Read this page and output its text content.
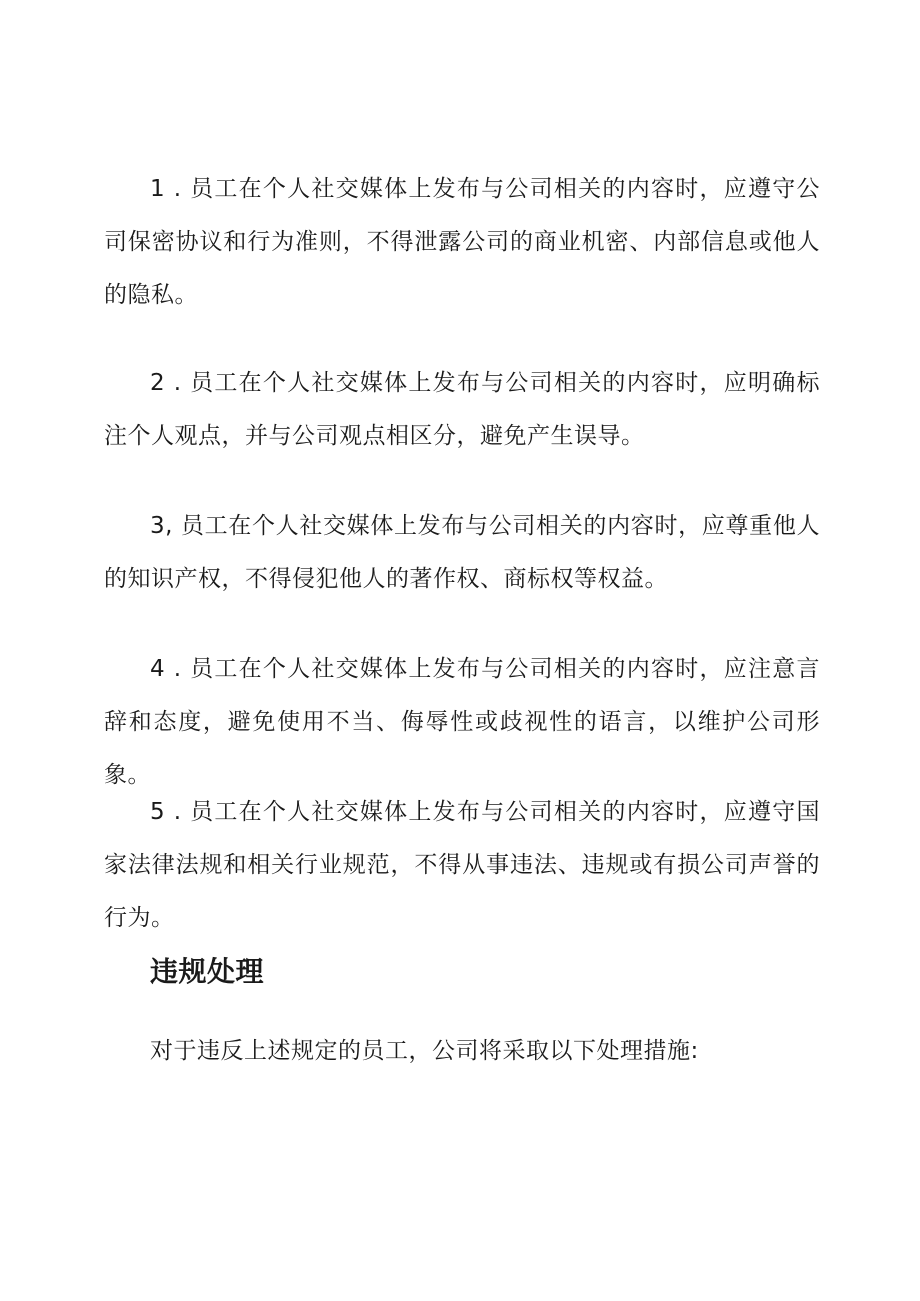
1 . 员工在个人社交媒体上发布与公司相关的内容时，应遵守公司保密协议和行为准则，不得泄露公司的商业机密、内部信息或他人的隐私。

2 . 员工在个人社交媒体上发布与公司相关的内容时，应明确标注个人观点，并与公司观点相区分，避免产生误导。

3, 员工在个人社交媒体上发布与公司相关的内容时，应尊重他人的知识产权，不得侵犯他人的著作权、商标权等权益。

4 . 员工在个人社交媒体上发布与公司相关的内容时，应注意言辞和态度，避免使用不当、侮辱性或歧视性的语言，以维护公司形象。

5 . 员工在个人社交媒体上发布与公司相关的内容时，应遵守国家法律法规和相关行业规范，不得从事违法、违规或有损公司声誉的行为。

违规处理

对于违反上述规定的员工，公司将采取以下处理措施:
